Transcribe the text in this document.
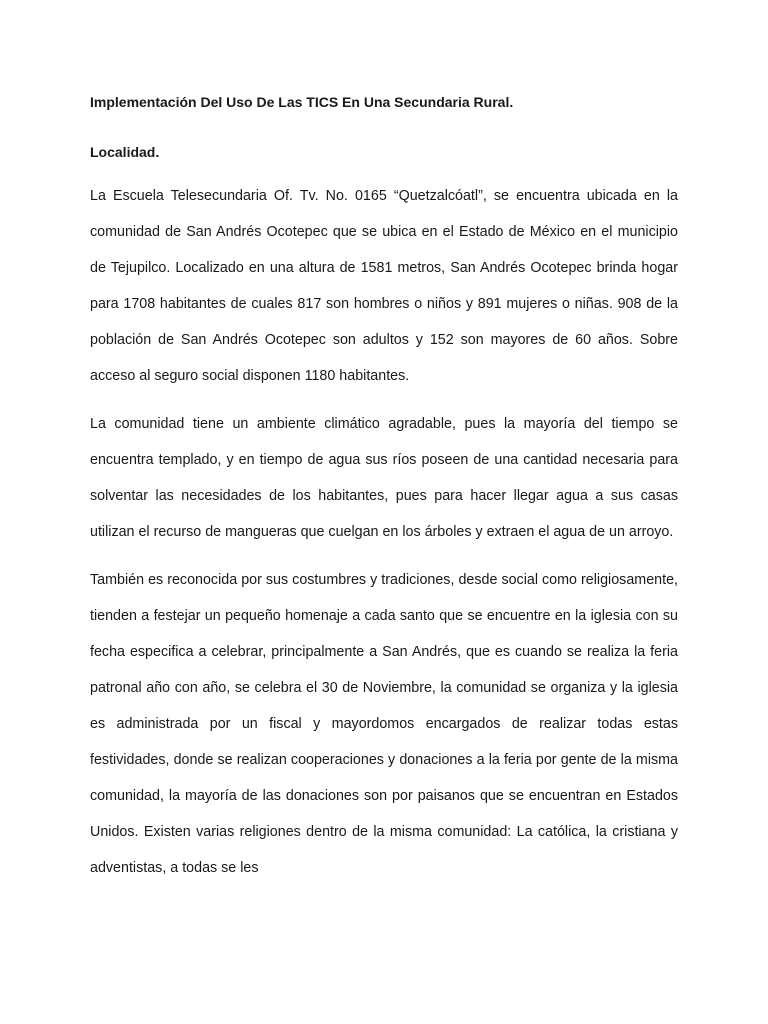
Implementación Del Uso De Las TICS En Una Secundaria Rural.

Localidad.

La Escuela Telesecundaria Of. Tv. No. 0165 “Quetzalcóatl”, se encuentra ubicada en la comunidad de San Andrés Ocotepec que se ubica en el Estado de México en el municipio de Tejupilco. Localizado en una altura de 1581 metros, San Andrés Ocotepec brinda hogar para 1708 habitantes de cuales 817 son hombres o niños y 891 mujeres o niñas. 908 de la población de San Andrés Ocotepec son adultos y 152 son mayores de 60 años. Sobre acceso al seguro social disponen 1180 habitantes.

La comunidad tiene un ambiente climático agradable, pues la mayoría del tiempo se encuentra templado, y en tiempo de agua sus ríos poseen de una cantidad necesaria para solventar las necesidades de los habitantes, pues para hacer llegar agua a sus casas utilizan el recurso de mangueras que cuelgan en los árboles y extraen el agua de un arroyo.

También es reconocida por sus costumbres y tradiciones, desde social como religiosamente, tienden a festejar un pequeño homenaje a cada santo que se encuentre en la iglesia con su fecha especifica a celebrar, principalmente a San Andrés, que es cuando se realiza la feria patronal año con año, se celebra el 30 de Noviembre, la comunidad se organiza y la iglesia es administrada por un fiscal y mayordomos encargados de realizar todas estas festividades, donde se realizan cooperaciones y donaciones a la feria por gente de la misma comunidad, la mayoría de las donaciones son por paisanos que se encuentran en Estados Unidos. Existen varias religiones dentro de la misma comunidad: La católica, la cristiana y adventistas, a todas se les
